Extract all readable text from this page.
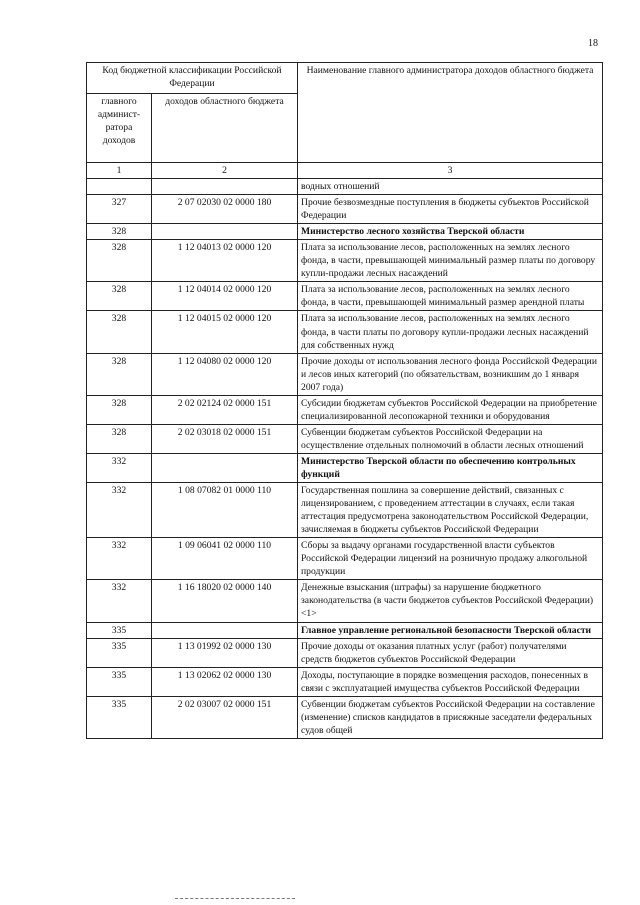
18
Код бюджетной классификации Российской Федерации		Наименование главного администратора доходов областного бюджета
главного админист- ратора доходов	доходов областного бюджета	
1	2	3
		водных отношений
327	2 07 02030 02 0000 180	Прочие безвозмездные поступления в бюджеты субъектов Российской Федерации
328		Министерство лесного хозяйства Тверской области
328	1 12 04013 02 0000 120	Плата за использование лесов, расположенных на землях лесного фонда, в части, превышающей минимальный размер платы по договору купли-продажи лесных насаждений
328	1 12 04014 02 0000 120	Плата за использование лесов, расположенных на землях лесного фонда, в части, превышающей минимальный размер арендной платы
328	1 12 04015 02 0000 120	Плата за использование лесов, расположенных на землях лесного фонда, в части платы по договору купли-продажи лесных насаждений для собственных нужд
328	1 12 04080 02 0000 120	Прочие доходы от использования лесного фонда Российской Федерации и лесов иных категорий (по обязательствам, возникшим до 1 января 2007 года)
328	2 02 02124 02 0000 151	Субсидии бюджетам субъектов Российской Федерации на приобретение специализированной лесопожарной техники и оборудования
328	2 02 03018 02 0000 151	Субвенции бюджетам субъектов Российской Федерации на осуществление отдельных полномочий в области лесных отношений
332		Министерство Тверской области по обеспечению контрольных функций
332	1 08 07082 01 0000 110	Государственная пошлина за совершение действий, связанных с лицензированием, с проведением аттестации в случаях, если такая аттестация предусмотрена законодательством Российской Федерации, зачисляемая в бюджеты субъектов Российской Федерации
332	1 09 06041 02 0000 110	Сборы за выдачу органами государственной власти субъектов Российской Федерации лицензий на розничную продажу алкогольной продукции
332	1 16 18020 02 0000 140	Денежные взыскания (штрафы) за нарушение бюджетного законодательства (в части бюджетов субъектов Российской Федерации) <1>
335		Главное управление региональной безопасности Тверской области
335	1 13 01992 02 0000 130	Прочие доходы от оказания платных услуг (работ) получателями средств бюджетов субъектов Российской Федерации
335	1 13 02062 02 0000 130	Доходы, поступающие в порядке возмещения расходов, понесенных в связи с эксплуатацией имущества субъектов Российской Федерации
335	2 02 03007 02 0000 151	Субвенции бюджетам субъектов Российской Федерации на составление (изменение) списков кандидатов в присяжные заседатели федеральных судов общей
